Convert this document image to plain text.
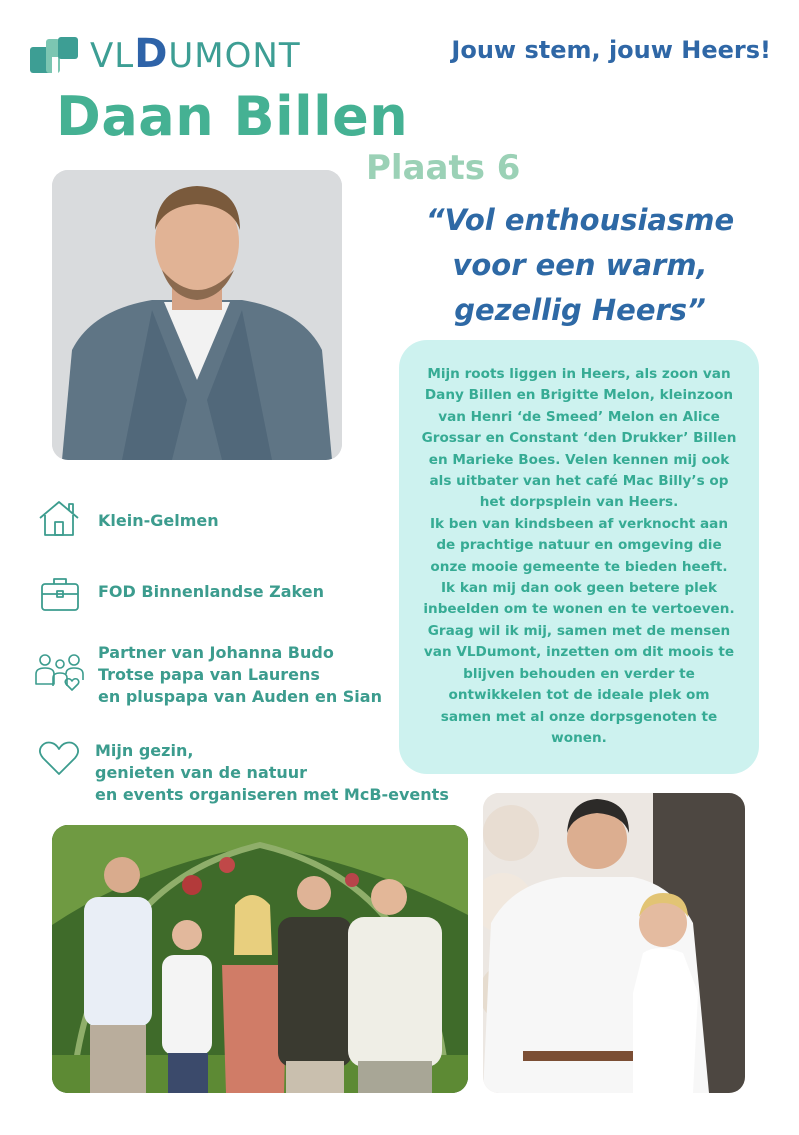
VLDUMONT	Jouw stem, jouw Heers!
Daan Billen
Plaats 6
“Vol enthousiasme
voor een warm,
gezellig Heers”
Mijn roots liggen in Heers, als zoon van
Dany Billen en Brigitte Melon, kleinzoon
van Henri ‘de Smeed’ Melon en Alice
Grossar en Constant ‘den Drukker’ Billen
en Marieke Boes. Velen kennen mij ook
als uitbater van het café Mac Billy’s op
het dorpsplein van Heers.
Ik ben van kindsbeen af verknocht aan
de prachtige natuur en omgeving die
onze mooie gemeente te bieden heeft.
Ik kan mij dan ook geen betere plek
inbeelden om te wonen en te vertoeven.
Graag wil ik mij, samen met de mensen
van VLDumont, inzetten om dit moois te
blijven behouden en verder te
ontwikkelen tot de ideale plek om
samen met al onze dorpsgenoten te
wonen.
Klein-Gelmen
FOD Binnenlandse Zaken
Partner van Johanna Budo
Trotse papa van Laurens
en pluspapa van Auden en Sian
Mijn gezin,
genieten van de natuur
en events organiseren met McB-events
